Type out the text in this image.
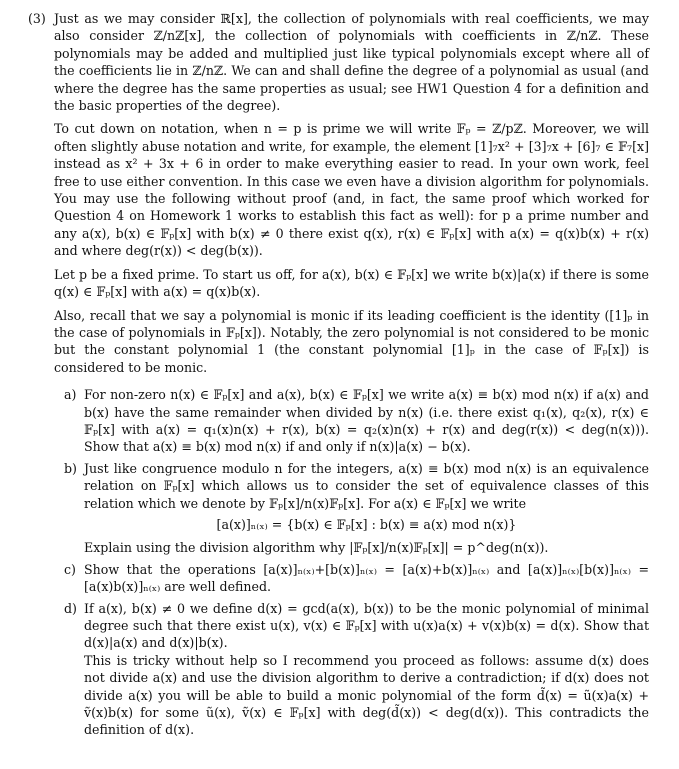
(3) Just as we may consider ℝ[x], the collection of polynomials with real coefficients, we may also consider ℤ/nℤ[x], the collection of polynomials with coefficients in ℤ/nℤ. These polynomials may be added and multiplied just like typical polynomials except where all of the coefficients lie in ℤ/nℤ. We can and shall define the degree of a polynomial as usual (and where the degree has the same properties as usual; see HW1 Question 4 for a definition and the basic properties of the degree).

To cut down on notation, when n = p is prime we will write 𝔽ₚ = ℤ/pℤ. Moreover, we will often slightly abuse notation and write, for example, the element [1]₇x² + [3]₇x + [6]₇ ∈ 𝔽₇[x] instead as x² + 3x + 6 in order to make everything easier to read. In your own work, feel free to use either convention. In this case we even have a division algorithm for polynomials. You may use the following without proof (and, in fact, the same proof which worked for Question 4 on Homework 1 works to establish this fact as well): for p a prime number and any a(x), b(x) ∈ 𝔽ₚ[x] with b(x) ≠ 0 there exist q(x), r(x) ∈ 𝔽ₚ[x] with a(x) = q(x)b(x) + r(x) and where deg(r(x)) < deg(b(x)).

Let p be a fixed prime. To start us off, for a(x), b(x) ∈ 𝔽ₚ[x] we write b(x)|a(x) if there is some q(x) ∈ 𝔽ₚ[x] with a(x) = q(x)b(x).

Also, recall that we say a polynomial is monic if its leading coefficient is the identity ([1]ₚ in the case of polynomials in 𝔽ₚ[x]). Notably, the zero polynomial is not considered to be monic but the constant polynomial 1 (the constant polynomial [1]ₚ in the case of 𝔽ₚ[x]) is considered to be monic.

a) For non-zero n(x) ∈ 𝔽ₚ[x] and a(x), b(x) ∈ 𝔽ₚ[x] we write a(x) ≡ b(x) mod n(x) if a(x) and b(x) have the same remainder when divided by n(x) (i.e. there exist q₁(x), q₂(x), r(x) ∈ 𝔽ₚ[x] with a(x) = q₁(x)n(x) + r(x), b(x) = q₂(x)n(x) + r(x) and deg(r(x)) < deg(n(x))). Show that a(x) ≡ b(x) mod n(x) if and only if n(x)|a(x) − b(x).

b) Just like congruence modulo n for the integers, a(x) ≡ b(x) mod n(x) is an equivalence relation on 𝔽ₚ[x] which allows us to consider the set of equivalence classes of this relation which we denote by 𝔽ₚ[x]/n(x)𝔽ₚ[x]. For a(x) ∈ 𝔽ₚ[x] we write

[a(x)]ₙ₍ₓ₎ = {b(x) ∈ 𝔽ₚ[x] : b(x) ≡ a(x) mod n(x)}

Explain using the division algorithm why |𝔽ₚ[x]/n(x)𝔽ₚ[x]| = p^deg(n(x)).

c) Show that the operations [a(x)]ₙ₍ₓ₎+[b(x)]ₙ₍ₓ₎ = [a(x)+b(x)]ₙ₍ₓ₎ and [a(x)]ₙ₍ₓ₎[b(x)]ₙ₍ₓ₎ = [a(x)b(x)]ₙ₍ₓ₎ are well defined.

d) If a(x), b(x) ≠ 0 we define d(x) = gcd(a(x), b(x)) to be the monic polynomial of minimal degree such that there exist u(x), v(x) ∈ 𝔽ₚ[x] with u(x)a(x) + v(x)b(x) = d(x). Show that d(x)|a(x) and d(x)|b(x).

This is tricky without help so I recommend you proceed as follows: assume d(x) does not divide a(x) and use the division algorithm to derive a contradiction; if d(x) does not divide a(x) you will be able to build a monic polynomial of the form d̃(x) = ũ(x)a(x) + ṽ(x)b(x) for some ũ(x), ṽ(x) ∈ 𝔽ₚ[x] with deg(d̃(x)) < deg(d(x)). This contradicts the definition of d(x).
